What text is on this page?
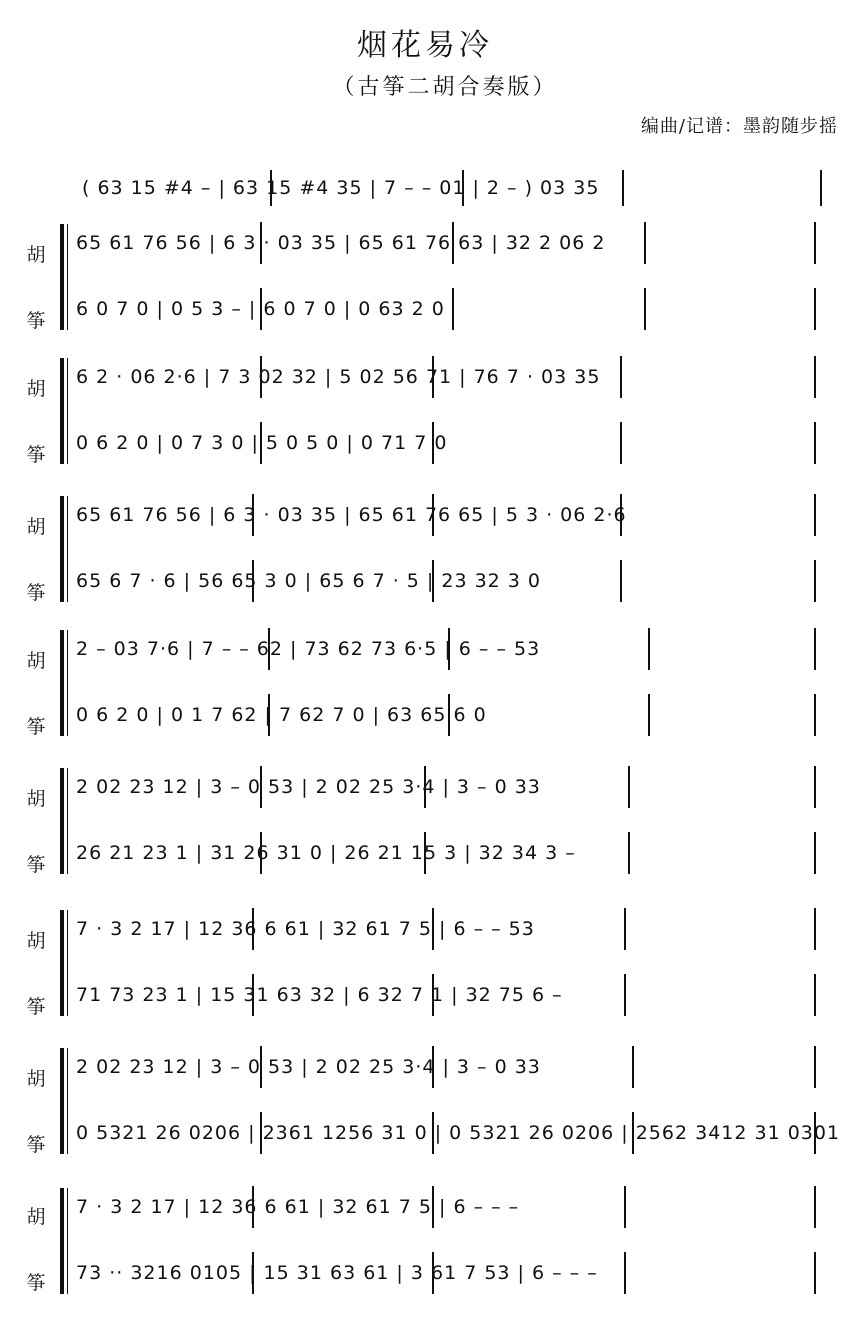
烟花易冷
（古筝二胡合奏版）
编曲/记谱：墨韵随步摇
( 63 15 #4 – | 63 15 #4 35 | 7 – – 01 | 2 – ) 03 35
胡
筝
65 61 76 56 | 6 3 · 03 35 | 65 61 76 63 | 32 2 06 2
6 0 7 0 | 0 5 3 – | 6 0 7 0 | 0 63 2 0
胡
筝
6 2 · 06 2·6 | 7 3 02 32 | 5 02 56 71 | 76 7 · 03 35
0 6 2 0 | 0 7 3 0 | 5 0 5 0 | 0 71 7 0
胡
筝
65 61 76 56 | 6 3 · 03 35 | 65 61 76 65 | 5 3 · 06 2·6
65 6 7 · 6 | 56 65 3 0 | 65 6 7 · 5 | 23 32 3 0
胡
筝
2 – 03 7·6 | 7 – – 62 | 73 62 73 6·5 | 6 – – 53
0 6 2 0 | 0 1 7 62 | 7 62 7 0 | 63 65 6 0
胡
筝
2 02 23 12 | 3 – 0 53 | 2 02 25 3·4 | 3 – 0 33
26 21 23 1 | 31 26 31 0 | 26 21 15 3 | 32 34 3 –
胡
筝
7 · 3 2 17 | 12 36 6 61 | 32 61 7 5 | 6 – – 53
71 73 23 1 | 15 31 63 32 | 6 32 7 1 | 32 75 6 –
胡
筝
2 02 23 12 | 3 – 0 53 | 2 02 25 3·4 | 3 – 0 33
0 5321 26 0206 | 2361 1256 31 0 | 0 5321 26 0206 | 2562 3412 31 0301
胡
筝
7 · 3 2 17 | 12 36 6 61 | 32 61 7 5 | 6 – – –
73 ·· 3216 0105 | 15 31 63 61 | 3 61 7 53 | 6 – – –
